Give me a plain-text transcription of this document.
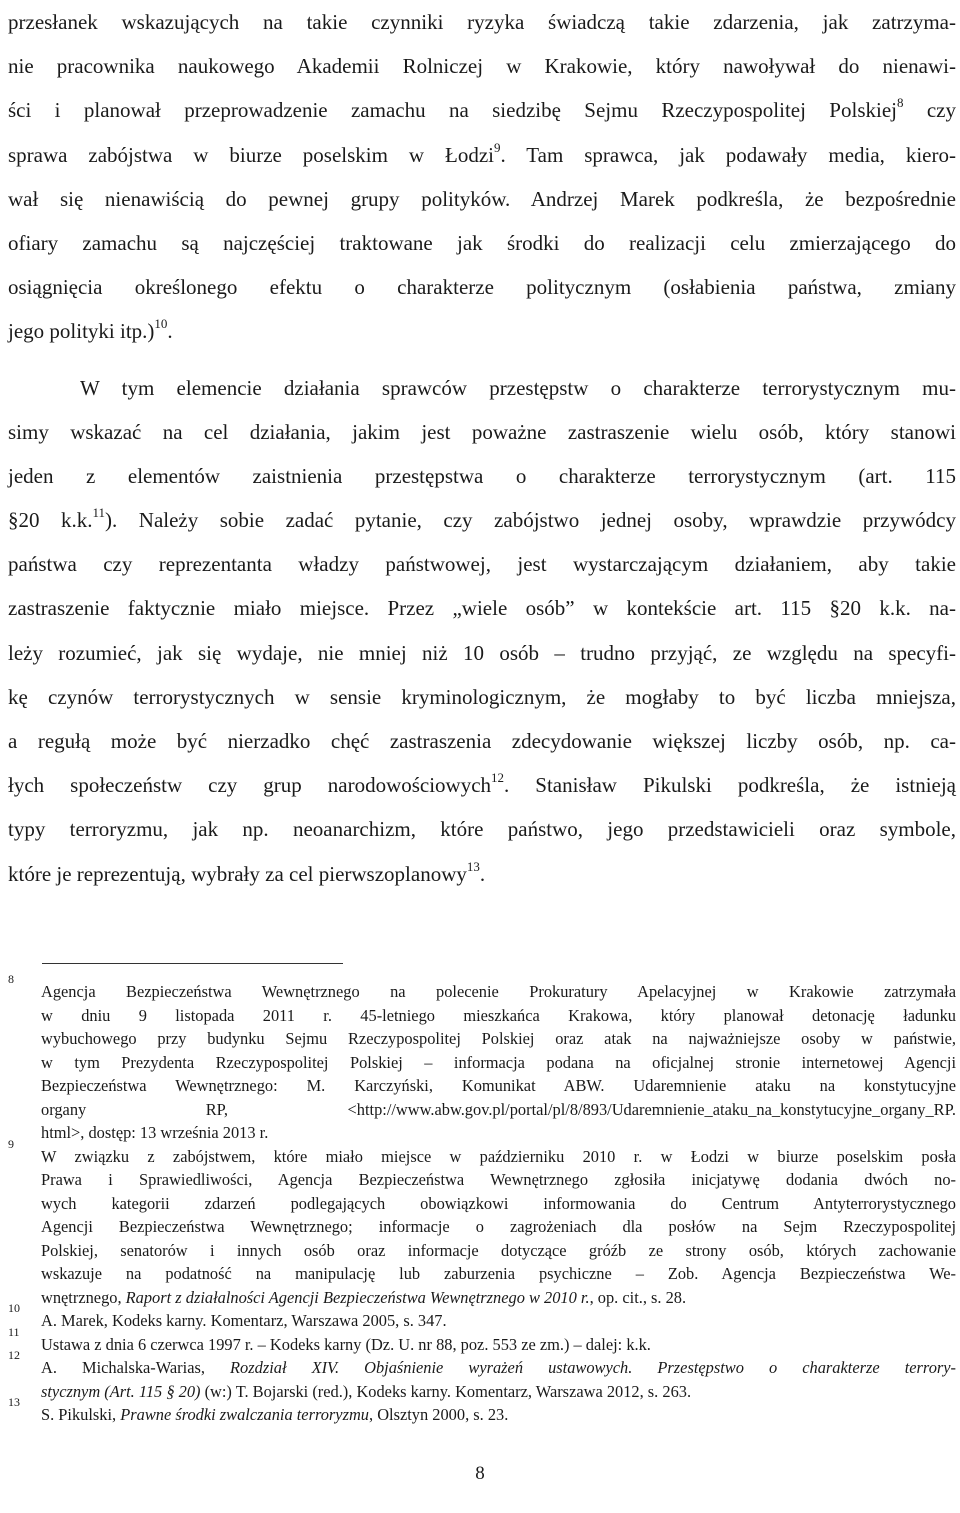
przesłanek wskazujących na takie czynniki ryzyka świadczą takie zdarzenia, jak zatrzyma-
nie pracownika naukowego Akademii Rolniczej w Krakowie, który nawoływał do nienawi-
ści i planował przeprowadzenie zamachu na siedzibę Sejmu Rzeczypospolitej Polskiej$^8$ czy
sprawa zabójstwa w biurze poselskim w Łodzi$^9$. Tam sprawca, jak podawały media, kiero-
wał się nienawiścią do pewnej grupy polityków. Andrzej Marek podkreśla, że bezpośrednie
ofiary zamachu są najczęściej traktowane jak środki do realizacji celu zmierzającego do
osiągnięcia określonego efektu o charakterze politycznym (osłabienia państwa, zmiany
jego polityki itp.)$^{10}$.
W tym elemencie działania sprawców przestępstw o charakterze terrorystycznym mu-
simy wskazać na cel działania, jakim jest poważne zastraszenie wielu osób, który stanowi
jeden z elementów zaistnienia przestępstwa o charakterze terrorystycznym (art. 115
§20 k.k.$^{11}$). Należy sobie zadać pytanie, czy zabójstwo jednej osoby, wprawdzie przywódcy
państwa czy reprezentanta władzy państwowej, jest wystarczającym działaniem, aby takie
zastraszenie faktycznie miało miejsce. Przez „wiele osób” w kontekście art. 115 §20 k.k. na-
leży rozumieć, jak się wydaje, nie mniej niż 10 osób – trudno przyjąć, ze względu na specyfi-
kę czynów terrorystycznych w sensie kryminologicznym, że mogłaby to być liczba mniejsza,
a regułą może być nierzadko chęć zastraszenia zdecydowanie większej liczby osób, np. ca-
łych społeczeństw czy grup narodowościowych$^{12}$. Stanisław Pikulski podkreśla, że istnieją
typy terroryzmu, jak np. neoanarchizm, które państwo, jego przedstawicieli oraz symbole,
które je reprezentują, wybrały za cel pierwszoplanowy$^{13}$.
8
Agencja Bezpieczeństwa Wewnętrznego na polecenie Prokuratury Apelacyjnej w Krakowie zatrzymała
w dniu 9 listopada 2011 r. 45-letniego mieszkańca Krakowa, który planował detonację ładunku
wybuchowego przy budynku Sejmu Rzeczypospolitej Polskiej oraz atak na najważniejsze osoby w państwie,
w tym Prezydenta Rzeczypospolitej Polskiej – informacja podana na oficjalnej stronie internetowej Agencji
Bezpieczeństwa Wewnętrznego: M. Karczyński, Komunikat ABW. Udaremnienie ataku na konstytucyjne
organy RP, <http://www.abw.gov.pl/portal/pl/8/893/Udaremnienie_ataku_na_konstytucyjne_organy_RP.
html>, dostęp: 13 września 2013 r.
9
W związku z zabójstwem, które miało miejsce w październiku 2010 r. w Łodzi w biurze poselskim posła
Prawa i Sprawiedliwości, Agencja Bezpieczeństwa Wewnętrznego zgłosiła inicjatywę dodania dwóch no-
wych kategorii zdarzeń podlegających obowiązkowi informowania do Centrum Antyterrorystycznego
Agencji Bezpieczeństwa Wewnętrznego; informacje o zagrożeniach dla posłów na Sejm Rzeczypospolitej
Polskiej, senatorów i innych osób oraz informacje dotyczące gróźb ze strony osób, których zachowanie
wskazuje na podatność na manipulację lub zaburzenia psychiczne – Zob. Agencja Bezpieczeństwa We-
wnętrznego, Raport z działalności Agencji Bezpieczeństwa Wewnętrznego w 2010 r., op. cit., s. 28.
10
A. Marek, Kodeks karny. Komentarz, Warszawa 2005, s. 347.
11
Ustawa z dnia 6 czerwca 1997 r. – Kodeks karny (Dz. U. nr 88, poz. 553 ze zm.) – dalej: k.k.
12
A. Michalska-Warias, Rozdział XIV. Objaśnienie wyrażeń ustawowych. Przestępstwo o charakterze terrory-
stycznym (Art. 115 § 20) (w:) T. Bojarski (red.), Kodeks karny. Komentarz, Warszawa 2012, s. 263.
13
S. Pikulski, Prawne środki zwalczania terroryzmu, Olsztyn 2000, s. 23.
8
